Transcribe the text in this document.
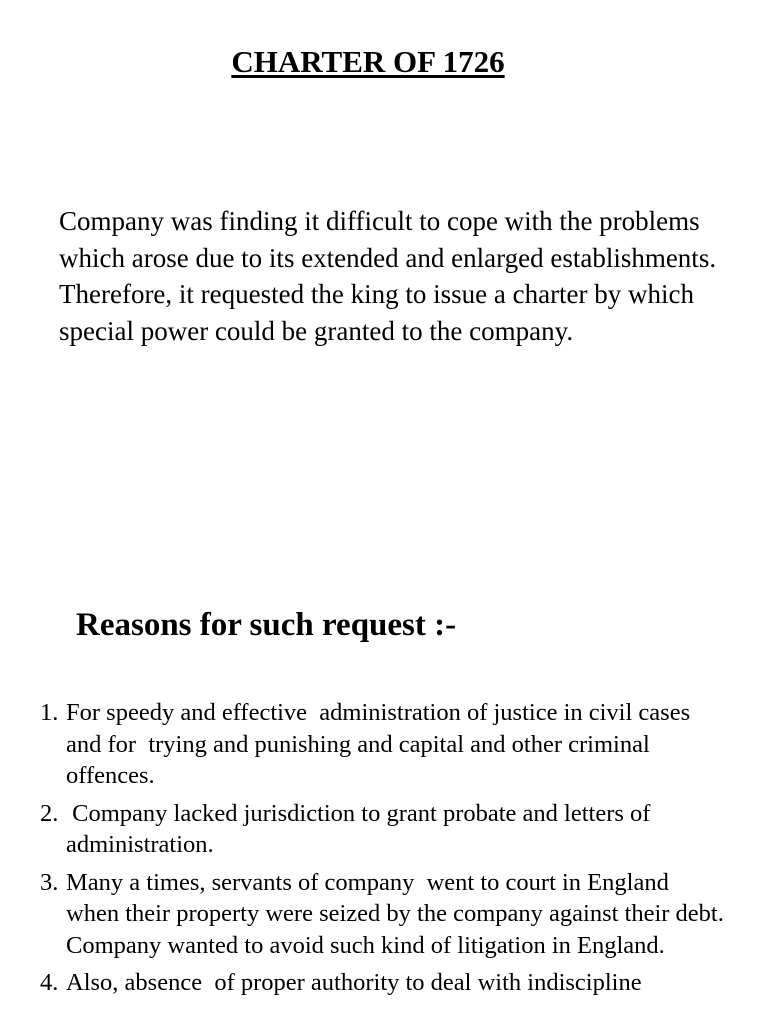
CHARTER OF 1726

Company was finding it difficult to cope with the problems which arose due to its extended and enlarged establishments. Therefore, it requested the king to issue a charter by which special power could be granted to the company.

Reasons for such request :-
1. For speedy and effective  administration of justice in civil cases and for  trying and punishing and capital and other criminal offences.
2. Company lacked jurisdiction to grant probate and letters of administration.
3. Many a times, servants of company  went to court in England when their property were seized by the company against their debt. Company wanted to avoid such kind of litigation in England.
4. Also, absence  of proper authority to deal with indiscipline
